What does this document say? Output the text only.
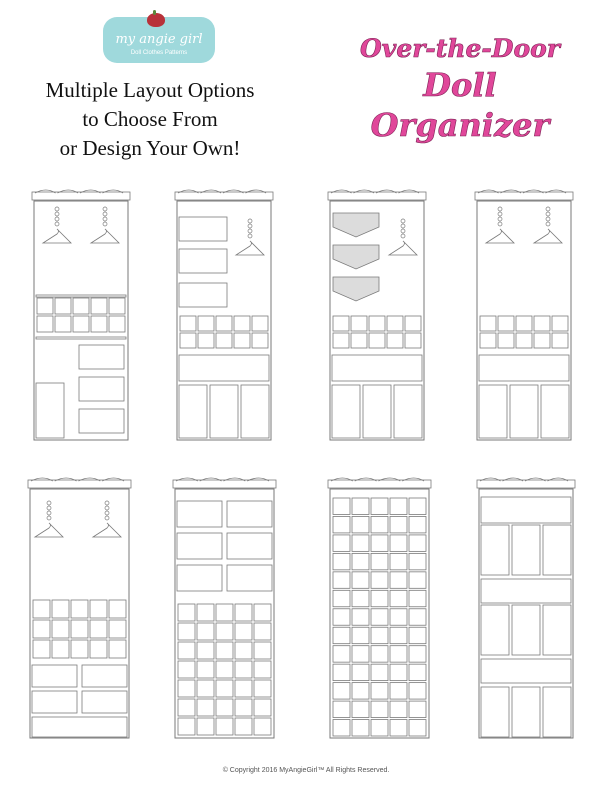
my angie girl
Doll Clothes Patterns
Multiple Layout Options
to Choose From
or Design Your Own!
Over-the-Door
Doll
Organizer
© Copyright 2016 MyAngieGirl™ All Rights Reserved.
